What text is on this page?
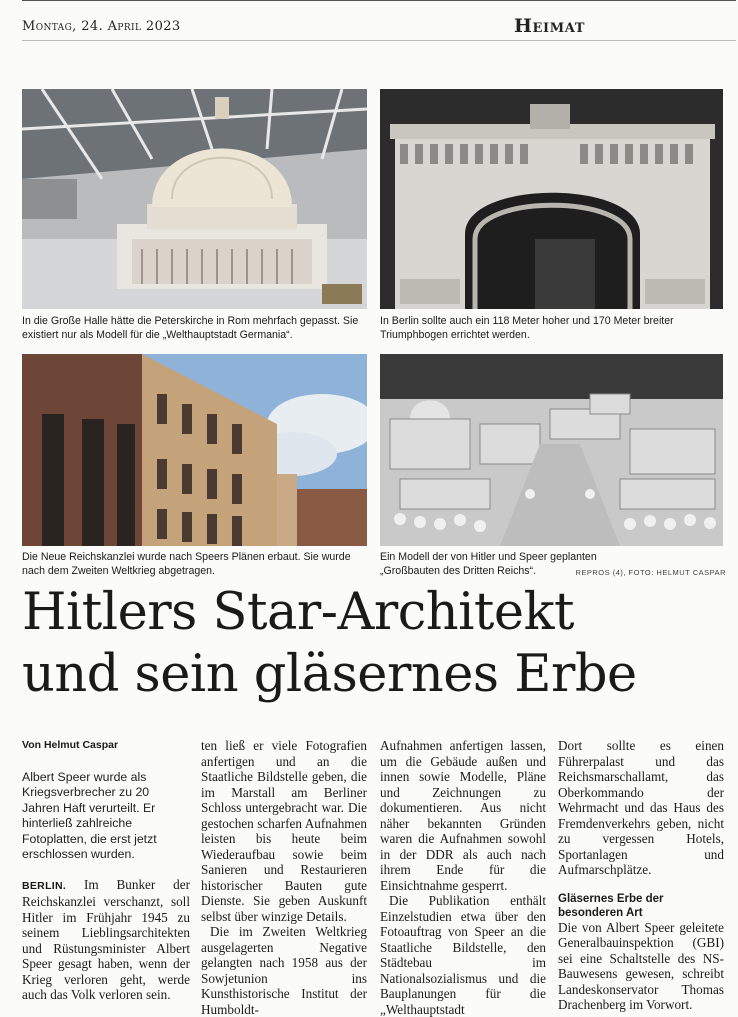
Montag, 24. April 2023	Heimat
In die Große Halle hätte die Peterskirche in Rom mehrfach gepasst. Sie existiert nur als Modell für die „Welthauptstadt Germania“.
In Berlin sollte auch ein 118 Meter hoher und 170 Meter breiter Triumphbogen errichtet werden.
Die Neue Reichskanzlei wurde nach Speers Plänen erbaut. Sie wurde nach dem Zweiten Weltkrieg abgetragen.
Ein Modell der von Hitler und Speer geplanten „Großbauten des Dritten Reichs“.	REPROS (4), FOTO: HELMUT CASPAR
Hitlers Star-Architekt
und sein gläsernes Erbe
Von Helmut Caspar
Albert Speer wurde als Kriegsverbrecher zu 20 Jahren Haft verurteilt. Er hinterließ zahlreiche Fotoplatten, die erst jetzt erschlossen wurden.

BERLIN. Im Bunker der Reichskanzlei verschanzt, soll Hitler im Frühjahr 1945 zu seinem Lieblingsarchitekten und Rüstungsminister Albert Speer gesagt haben, wenn der Krieg verloren geht, werde auch das Volk verloren sein.

ten ließ er viele Fotografien anfertigen und an die Staatliche Bildstelle geben, die im Marstall am Berliner Schloss untergebracht war. Die gestochen scharfen Aufnahmen leisten bis heute beim Wiederaufbau sowie beim Sanieren und Restaurieren historischer Bauten gute Dienste. Sie geben Auskunft selbst über winzige Details.

Die im Zweiten Weltkrieg ausgelagerten Negative gelangten nach 1958 aus der Sowjetunion ins Kunsthistorische Institut der Humboldt-

Aufnahmen anfertigen lassen, um die Gebäude außen und innen sowie Modelle, Pläne und Zeichnungen zu dokumentieren. Aus nicht näher bekannten Gründen waren die Aufnahmen sowohl in der DDR als auch nach ihrem Ende für die Einsichtnahme gesperrt.

Die Publikation enthält Einzelstudien etwa über den Fotoauftrag von Speer an die Staatliche Bildstelle, den Städtebau im Nationalsozialismus und die Bauplanungen für die „Welthauptstadt

Dort sollte es einen Führerpalast und das Reichsmarschallamt, das Oberkommando der Wehrmacht und das Haus des Fremdenverkehrs geben, nicht zu vergessen Hotels, Sportanlagen und Aufmarschplätze.

Gläsernes Erbe der besonderen Art

Die von Albert Speer geleitete Generalbauinspektion (GBI) sei eine Schaltstelle des NS-Bauwesens gewesen, schreibt Landeskonservator Thomas Drachenberg im Vorwort.
